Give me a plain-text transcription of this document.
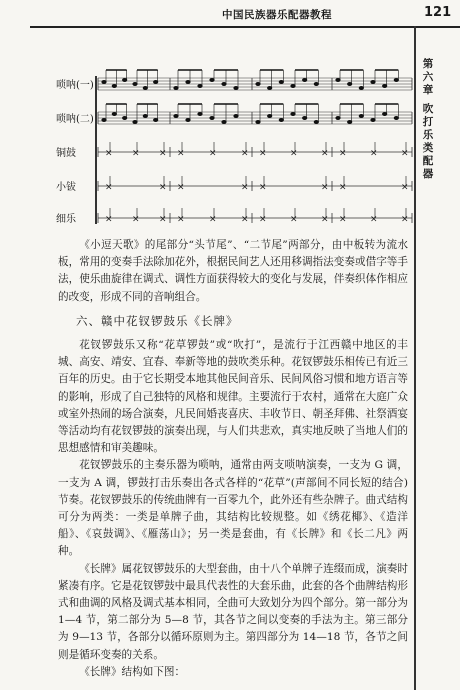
中国民族器乐配器教程	121
第
六
章
吹
打
乐
类
配
器
唢呐(一)
唢呐(二)
铜鼓
小钹
细乐
× × × ×	×	× ×	×	× ×	×	×
×	× ×	× ×	× ×	×
× × × ×	×	× ×	×	× ×	×	×

《小逗天歌》的尾部分“头节尾”、“二节尾”两部分，由中板转为流水板，常用的变奏手法除加花外，根据民间艺人还用移调指法变奏或借字等手法，使乐曲旋律在调式、调性方面获得较大的变化与发展，伴奏织体作相应的改变，形成不同的音响组合。

六、赣中花钗锣鼓乐《长牌》

花钗锣鼓乐又称“花草锣鼓”或“吹打”，是流行于江西赣中地区的丰城、高安、靖安、宜春、奉新等地的鼓吹类乐种。花钗锣鼓乐相传已有近三百年的历史。由于它长期受本地其他民间音乐、民间风俗习惯和地方语言等的影响，形成了自己独特的风格和规律。主要流行于农村，通常在大庭广众或室外热闹的场合演奏，凡民间婚丧喜庆、丰收节日、朝圣拜佛、社祭酒宴等活动均有花钗锣鼓的演奏出现，与人们共悲欢，真实地反映了当地人们的思想感情和审美趣味。

花钗锣鼓乐的主奏乐器为唢呐，通常由两支唢呐演奏，一支为 G 调，一支为 A 调，锣鼓打击乐奏出各式各样的“花草”(声部间不同长短的结合)节奏。花钗锣鼓乐的传统曲牌有一百零九个，此外还有些杂牌子。曲式结构可分为两类：一类是单牌子曲，其结构比较规整。如《绣花椰》、《造洋船》、《哀鼓调》、《雁荡山》；另一类是套曲，有《长牌》和《长二凡》两种。

《长牌》属花钗锣鼓乐的大型套曲，由十八个单牌子连缀而成，演奏时紧凑有序。它是花钗锣鼓中最具代表性的大套乐曲，此套的各个曲牌结构形式和曲调的风格及调式基本相同，全曲可大致划分为四个部分。第一部分为 1—4 节，第二部分为 5—8 节，其各节之间以变奏的手法为主。第三部分为 9—13 节，各部分以循环原则为主。第四部分为 14—18 节，各节之间则是循环变奏的关系。

《长牌》结构如下图：
